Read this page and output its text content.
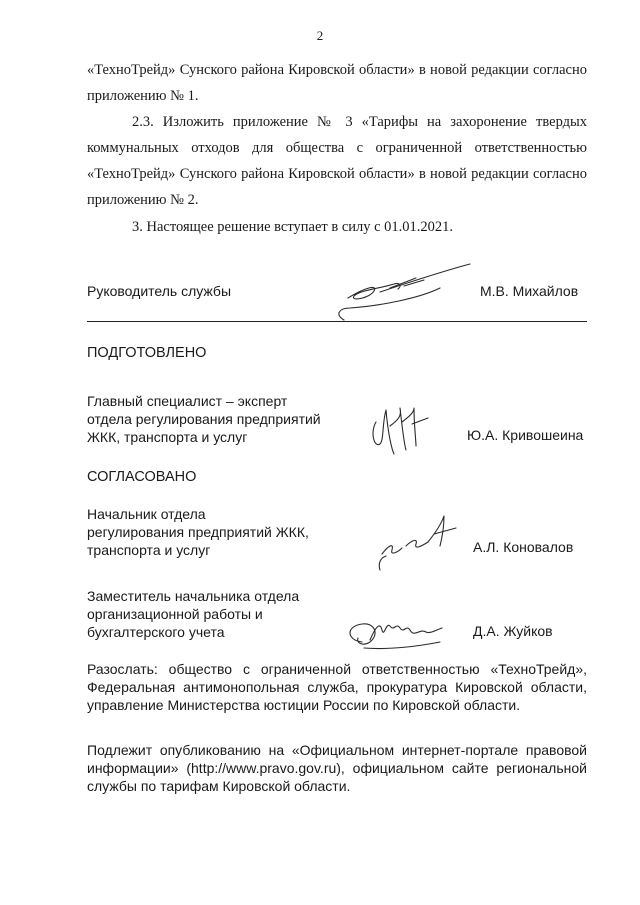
2
«ТехноТрейд» Сунского района Кировской области» в новой редакции согласно приложению № 1.
2.3. Изложить приложение № 3 «Тарифы на захоронение твердых коммунальных отходов для общества с ограниченной ответственностью «ТехноТрейд» Сунского района Кировской области» в новой редакции согласно приложению № 2.
3. Настоящее решение вступает в силу с 01.01.2021.
Руководитель службы	М.В. Михайлов
ПОДГОТОВЛЕНО
Главный специалист – эксперт
отдела регулирования предприятий
ЖКК, транспорта и услуг	Ю.А. Кривошеина
СОГЛАСОВАНО
Начальник отдела
регулирования предприятий ЖКК,
транспорта и услуг	А.Л. Коновалов
Заместитель начальника отдела
организационной работы и
бухгалтерского учета	Д.А. Жуйков
Разослать: общество с ограниченной ответственностью «ТехноТрейд», Федеральная антимонопольная служба, прокуратура Кировской области, управление Министерства юстиции России по Кировской области.
Подлежит опубликованию на «Официальном интернет-портале правовой информации» (http://www.pravo.gov.ru), официальном сайте региональной службы по тарифам Кировской области.
